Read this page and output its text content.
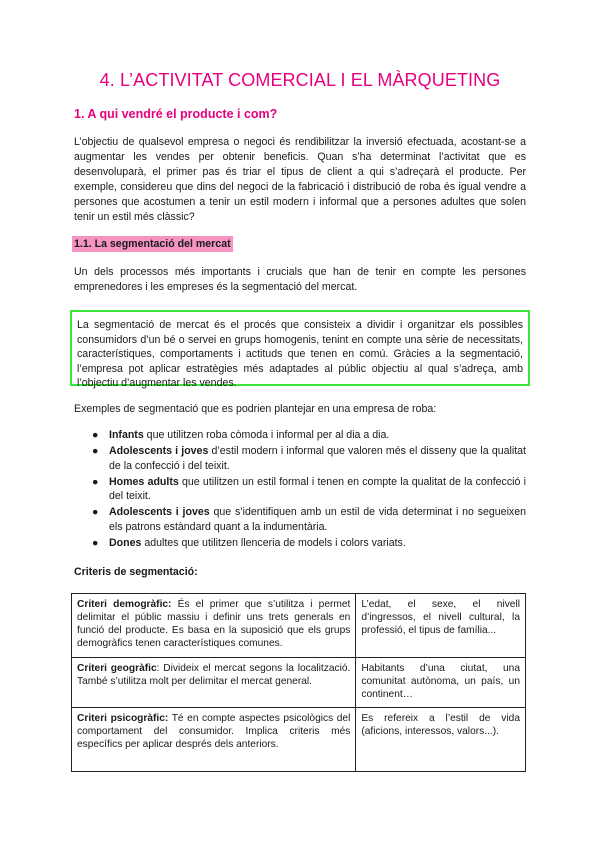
4. L’ACTIVITAT COMERCIAL I EL MÀRQUETING
1. A qui vendré el producte i com?

L’objectiu de qualsevol empresa o negoci és rendibilitzar la inversió efectuada, acostant-se a augmentar les vendes per obtenir beneficis. Quan s’ha determinat l’activitat que es desenvoluparà, el primer pas és triar el tipus de client a qui s’adreçarà el producte. Per exemple, considereu que dins del negoci de la fabricació i distribució de roba és igual vendre a persones que acostumen a tenir un estil modern i informal que a persones adultes que solen tenir un estil més clàssic?

1.1. La segmentació del mercat

Un dels processos més importants i crucials que han de tenir en compte les persones emprenedores i les empreses és la segmentació del mercat.

La segmentació de mercat és el procés que consisteix a dividir i organitzar els possibles consumidors d’un bé o servei en grups homogenis, tenint en compte una sèrie de necessitats, característiques, comportaments i actituds que tenen en comú. Gràcies a la segmentació, l’empresa pot aplicar estratègies més adaptades al públic objectiu al qual s’adreça, amb l’objectiu d’augmentar les vendes.

Exemples de segmentació que es podrien plantejar en una empresa de roba:

● Infants que utilitzen roba còmoda i informal per al dia a dia.
● Adolescents i joves d’estil modern i informal que valoren més el disseny que la qualitat de la confecció i del teixit.
● Homes adults que utilitzen un estil formal i tenen en compte la qualitat de la confecció i del teixit.
● Adolescents i joves que s’identifiquen amb un estil de vida determinat i no segueixen els patrons estàndard quant a la indumentària.
● Dones adultes que utilitzen llenceria de models i colors variats.

Criteris de segmentació:

Criteri demogràfic: És el primer que s’utilitza i permet delimitar el públic massiu i definir uns trets generals en funció del producte. Es basa en la suposició que els grups demogràfics tenen característiques comunes.	L’edat, el sexe, el nivell d’ingressos, el nivell cultural, la professió, el tipus de família...
Criteri geogràfic: Divideix el mercat segons la localització. També s’utilitza molt per delimitar el mercat general.	Habitants d’una ciutat, una comunitat autònoma, un país, un continent…
Criteri psicogràfic: Té en compte aspectes psicològics del comportament del consumidor. Implica criteris més específics per aplicar després dels anteriors.	Es refereix a l’estil de vida (aficions, interessos, valors...).
